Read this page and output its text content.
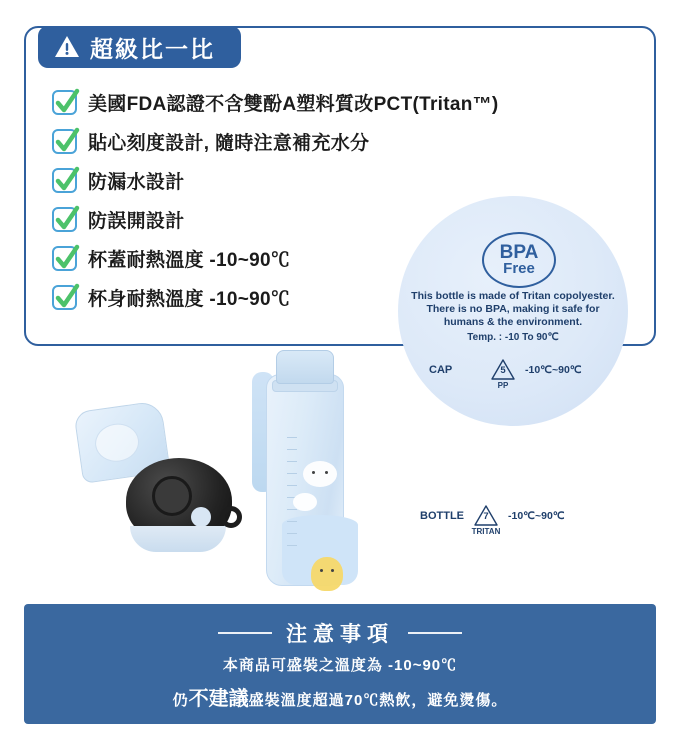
超級比一比
美國FDA認證不含雙酚A塑料質改PCT(Tritan™)
貼心刻度設計, 隨時注意補充水分
防漏水設計
防誤開設計
杯蓋耐熱溫度 -10~90℃
杯身耐熱溫度 -10~90℃
BPA
Free
This bottle is made of Tritan copolyester. There is no BPA, making it safe for humans & the environment.
Temp. : -10 To 90℃
CAP	5
PP
-10℃~90℃
BOTTLE	7
TRITAN
-10℃~90℃
注意事項
本商品可盛裝之溫度為 -10~90℃
仍不建議盛裝溫度超過70℃熱飲，避免燙傷。
